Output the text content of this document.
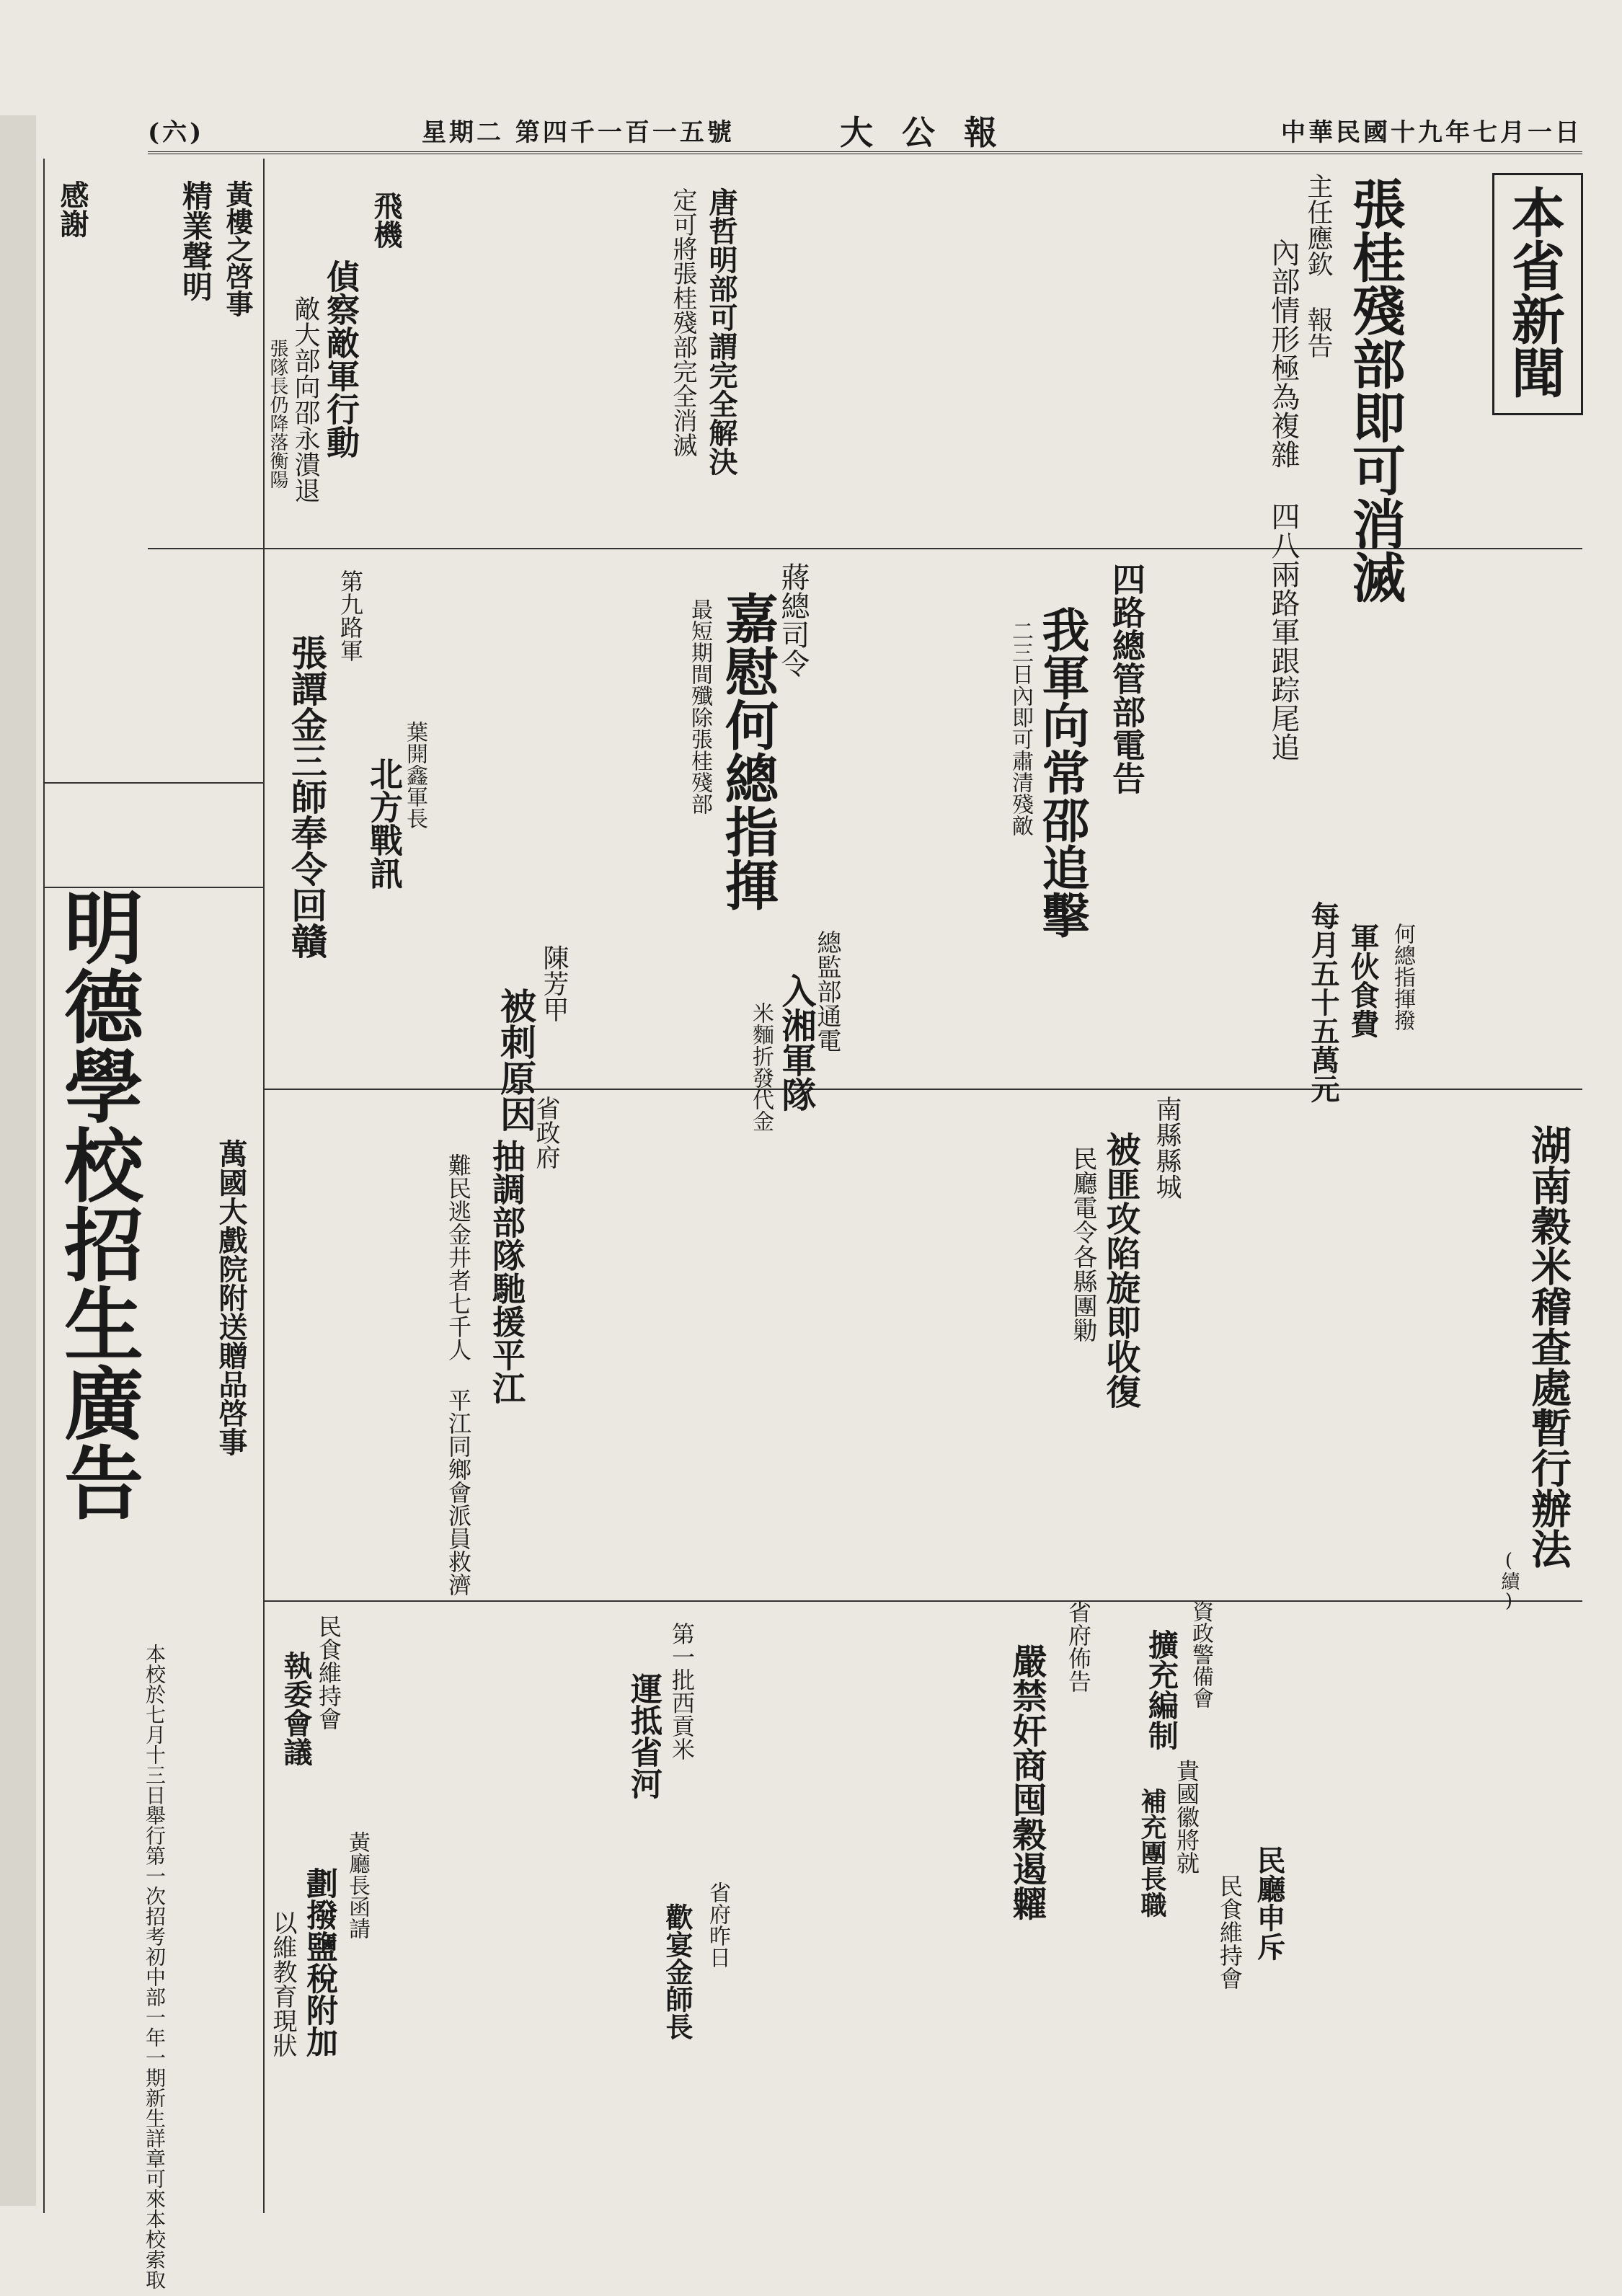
(六)	星期二 第四千一百一五號	大公報	中華民國十九年七月一日
本省新聞
張桂殘部即可消滅
主任應欽 報告
內部情形極為複雜 四八兩路軍跟踪尾追
飛機
偵察敵軍行動
敵大部向邵永潰退
張隊長仍降落衡陽	唐哲明部可謂完全解決
定可將張桂殘部完全消滅
蔣總司令
嘉慰何總指揮
最短期間殲除張桂殘部	四路總管部電告
我軍向常邵追擊
二三日內即可肅清殘敵
葉開鑫軍長
北方戰訊
第九路軍
張譚金三師奉令回贛
何總指揮撥
軍伙食費
每月五十五萬元
總監部通電
入湘軍隊
米麵折發代金
陳芳甲
被刺原因
湖南穀米稽查處暫行辦法
(續)
南縣縣城
被匪攻陷旋即收復
民廳電令各縣團勦
省政府
抽調部隊馳援平江
難民逃金井者七千人 平江同鄉會派員救濟
資政警備會
擴充編制
省府佈告
嚴禁奸商囤穀遏糶
第一批西貢米
運抵省河
民廳申斥
民食維持會
貴國徽將就
補充團長職
黃廳長函請
劃撥鹽稅附加
以維教育現狀	省府昨日
歡宴金師長
民食維持會
執委會議
黃樓之啓事
精業聲明
感謝
萬國大戲院附送贈品啓事
明德學校招生廣告
本校於七月十三日舉行第一次招考初中部一年一期新生詳章可來本校索取
